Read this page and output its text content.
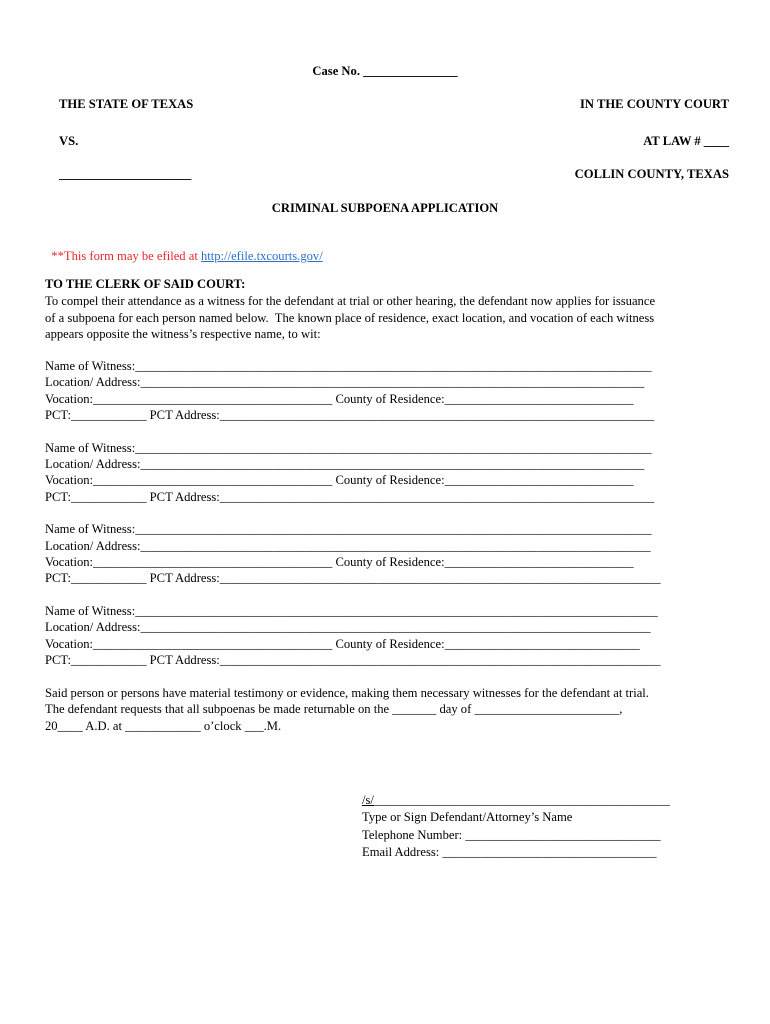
Case No. _______________
THE STATE OF TEXAS	IN THE COUNTY COURT
VS.	AT LAW # ____
_____________________	COLLIN COUNTY, TEXAS
CRIMINAL SUBPOENA APPLICATION

**This form may be efiled at http://efile.txcourts.gov/

TO THE CLERK OF SAID COURT:
To compel their attendance as a witness for the defendant at trial or other hearing, the defendant now applies for issuance
of a subpoena for each person named below.  The known place of residence, exact location, and vocation of each witness
appears opposite the witness’s respective name, to wit:
Name of Witness:__________________________________________________________________________________
Location/ Address:________________________________________________________________________________
Vocation:______________________________________ County of Residence:______________________________
PCT:____________ PCT Address:_____________________________________________________________________
Name of Witness:__________________________________________________________________________________
Location/ Address:________________________________________________________________________________
Vocation:______________________________________ County of Residence:______________________________
PCT:____________ PCT Address:_____________________________________________________________________
Name of Witness:__________________________________________________________________________________
Location/ Address:_________________________________________________________________________________
Vocation:______________________________________ County of Residence:______________________________
PCT:____________ PCT Address:______________________________________________________________________
Name of Witness:___________________________________________________________________________________
Location/ Address:_________________________________________________________________________________
Vocation:______________________________________ County of Residence:_______________________________
PCT:____________ PCT Address:______________________________________________________________________
Said person or persons have material testimony or evidence, making them necessary witnesses for the defendant at trial.
The defendant requests that all subpoenas be made returnable on the _______ day of _______________________,
20____ A.D. at ____________ o’clock ___.M.
/s/_______________________________________________
Type or Sign Defendant/Attorney’s Name
Telephone Number: _______________________________
Email Address: __________________________________
